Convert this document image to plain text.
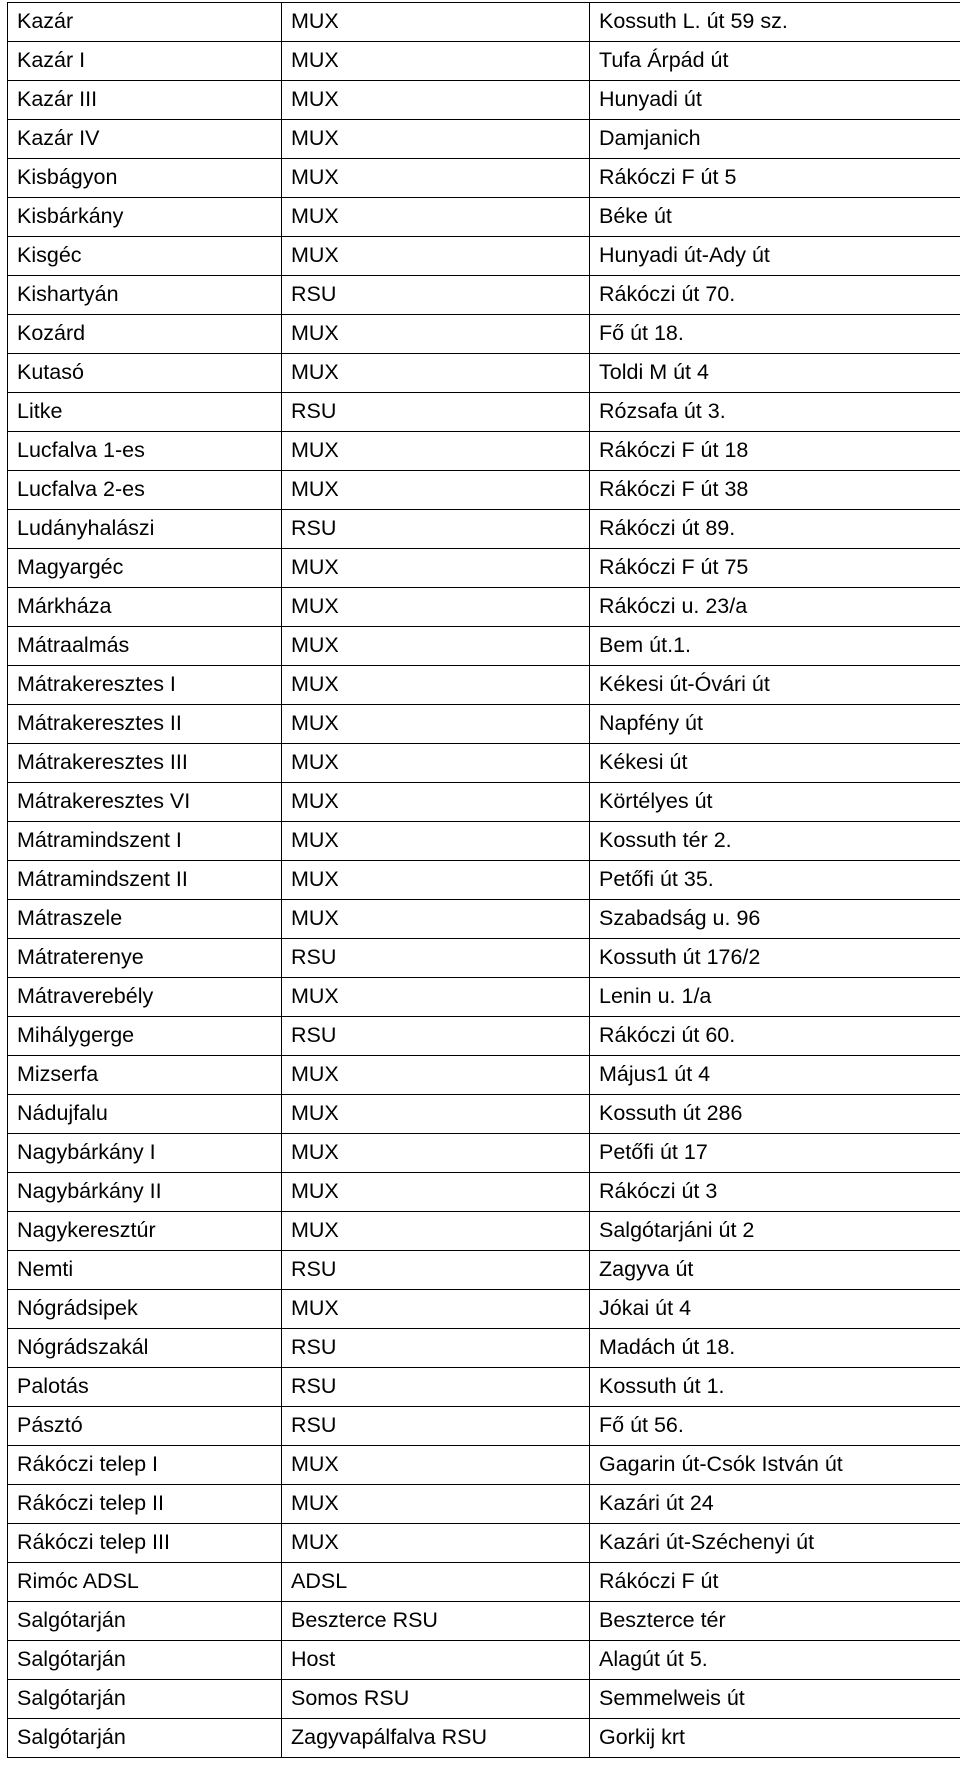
Kazár	MUX	Kossuth L. út 59 sz.
Kazár I	MUX	Tufa Árpád út
Kazár III	MUX	Hunyadi út
Kazár IV	MUX	Damjanich
Kisbágyon	MUX	Rákóczi F út 5
Kisbárkány	MUX	Béke út
Kisgéc	MUX	Hunyadi út-Ady út
Kishartyán	RSU	Rákóczi út 70.
Kozárd	MUX	Fő út 18.
Kutasó	MUX	Toldi M út 4
Litke	RSU	Rózsafa út 3.
Lucfalva 1-es	MUX	Rákóczi F út 18
Lucfalva 2-es	MUX	Rákóczi F út 38
Ludányhalászi	RSU	Rákóczi út 89.
Magyargéc	MUX	Rákóczi F út 75
Márkháza	MUX	Rákóczi u. 23/a
Mátraalmás	MUX	Bem út.1.
Mátrakeresztes I	MUX	Kékesi út-Óvári út
Mátrakeresztes II	MUX	Napfény út
Mátrakeresztes III	MUX	Kékesi út
Mátrakeresztes VI	MUX	Körtélyes út
Mátramindszent I	MUX	Kossuth tér 2.
Mátramindszent II	MUX	Petőfi út 35.
Mátraszele	MUX	Szabadság u. 96
Mátraterenye	RSU	Kossuth út 176/2
Mátraverebély	MUX	Lenin u. 1/a
Mihálygerge	RSU	Rákóczi út 60.
Mizserfa	MUX	Május1 út 4
Nádujfalu	MUX	Kossuth út 286
Nagybárkány I	MUX	Petőfi út 17
Nagybárkány II	MUX	Rákóczi út 3
Nagykeresztúr	MUX	Salgótarjáni út 2
Nemti	RSU	Zagyva út
Nógrádsipek	MUX	Jókai út 4
Nógrádszakál	RSU	Madách út 18.
Palotás	RSU	Kossuth út 1.
Pásztó	RSU	Fő út 56.
Rákóczi telep I	MUX	Gagarin út-Csók István út
Rákóczi telep II	MUX	Kazári út 24
Rákóczi telep III	MUX	Kazári út-Széchenyi út
Rimóc ADSL	ADSL	Rákóczi F út
Salgótarján	Beszterce RSU	Beszterce tér
Salgótarján	Host	Alagút út 5.
Salgótarján	Somos RSU	Semmelweis út
Salgótarján	Zagyvapálfalva RSU	Gorkij krt
